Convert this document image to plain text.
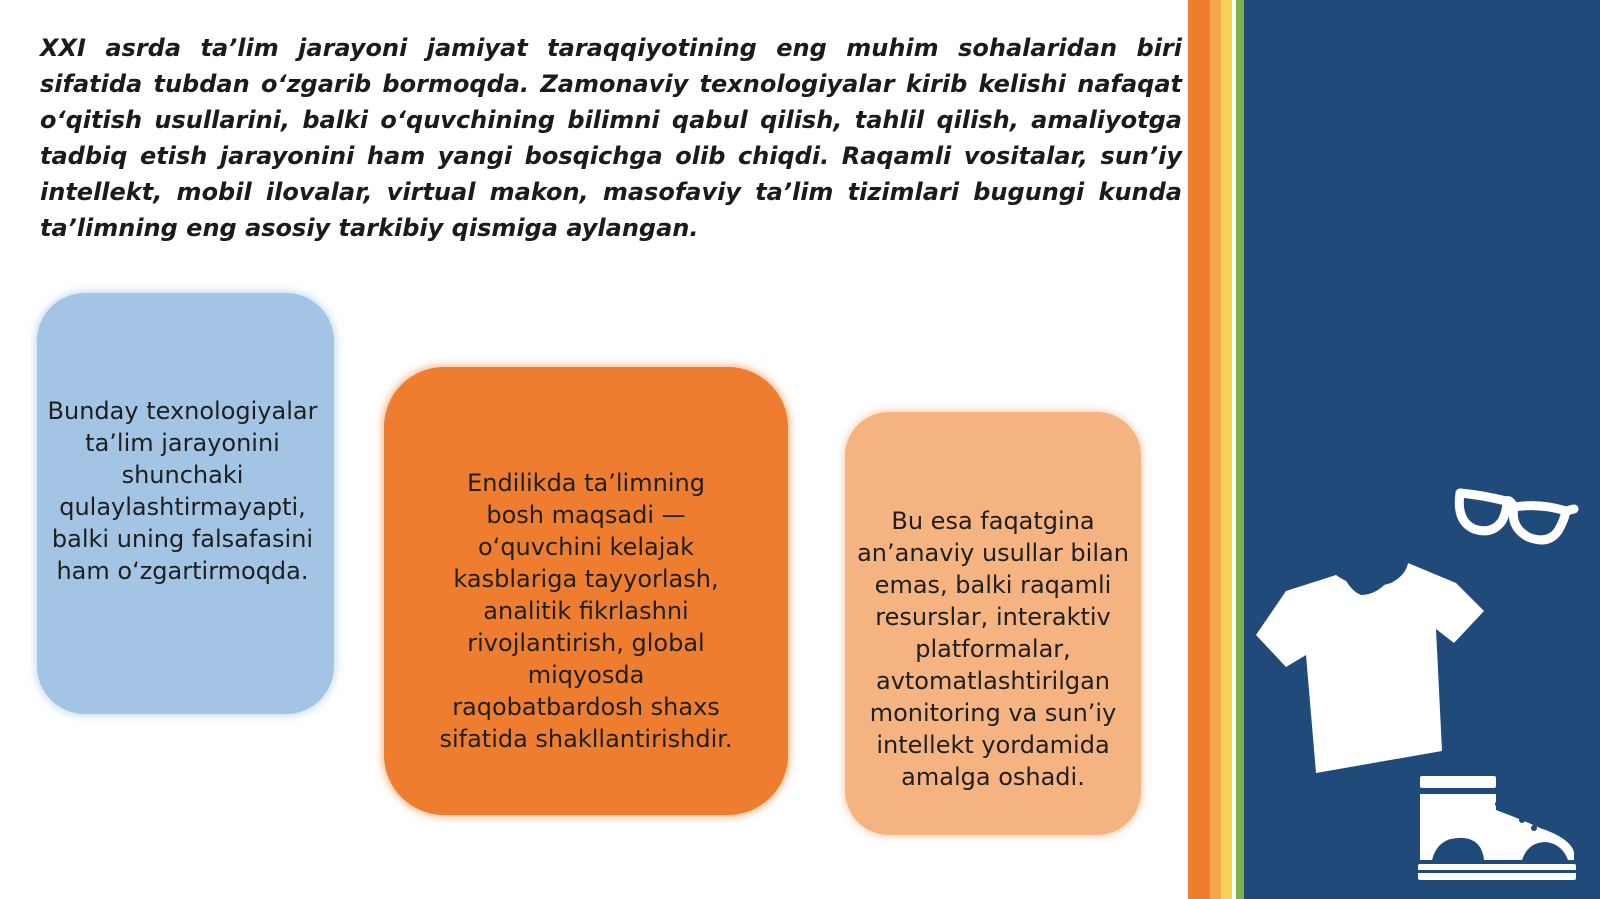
XXI asrda ta’lim jarayoni jamiyat taraqqiyotining eng muhim sohalaridan biri sifatida tubdan o‘zgarib bormoqda. Zamonaviy texnologiyalar kirib kelishi nafaqat o‘qitish usullarini, balki o‘quvchining bilimni qabul qilish, tahlil qilish, amaliyotga tadbiq etish jarayonini ham yangi bosqichga olib chiqdi. Raqamli vositalar, sun’iy intellekt, mobil ilovalar, virtual makon, masofaviy ta’lim tizimlari bugungi kunda ta’limning eng asosiy tarkibiy qismiga aylangan.

Bunday texnologiyalar ta’lim jarayonini shunchaki qulaylashtirmayapti, balki uning falsafasini ham o‘zgartirmoqda.
Endilikda ta’limning bosh maqsadi — o‘quvchini kelajak kasblariga tayyorlash, analitik fikrlashni rivojlantirish, global miqyosda raqobatbardosh shaxs sifatida shakllantirishdir.
Bu esa faqatgina an’anaviy usullar bilan emas, balki raqamli resurslar, interaktiv platformalar, avtomatlashtirilgan monitoring va sun’iy intellekt yordamida amalga oshadi.
